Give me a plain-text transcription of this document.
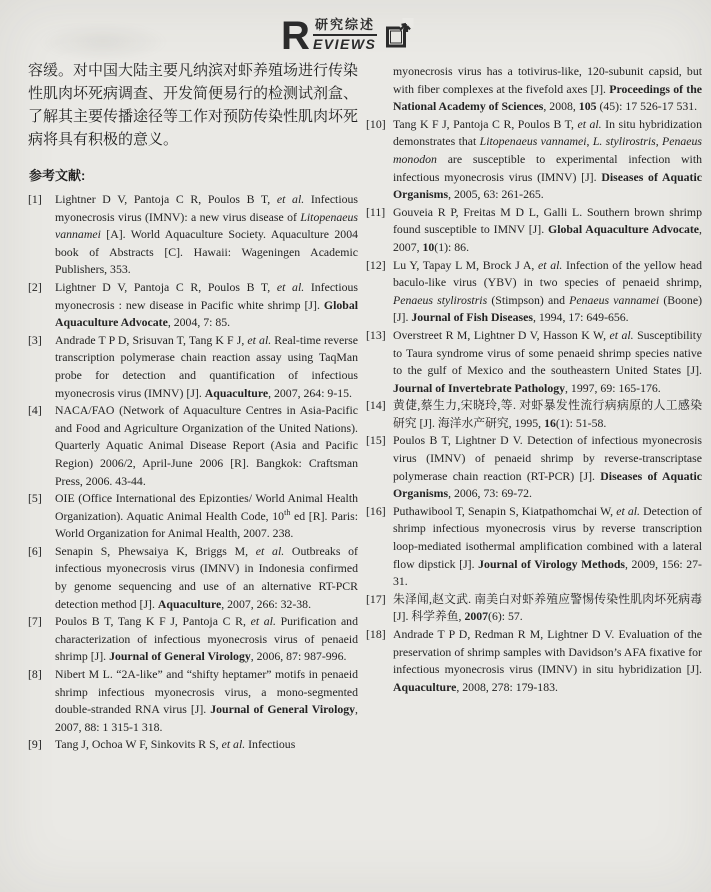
R 研究综述
EVIEWS

容缓。对中国大陆主要凡纳滨对虾养殖场进行传染性肌肉坏死病调查、开发简便易行的检测试剂盒、了解其主要传播途径等工作对预防传染性肌肉坏死病将具有积极的意义。

参考文献:
[1]	Lightner D V, Pantoja C R, Poulos B T, et al. Infectious myonecrosis virus (IMNV): a new virus disease of Litopenaeus vannamei [A]. World Aquaculture Society. Aquaculture 2004 book of Abstracts [C]. Hawaii: Wageningen Academic Publishers, 353.
[2]	Lightner D V, Pantoja C R, Poulos B T, et al. Infectious myonecrosis : new disease in Pacific white shrimp [J]. Global Aquaculture Advocate, 2004, 7: 85.
[3]	Andrade T P D, Srisuvan T, Tang K F J, et al. Real-time reverse transcription polymerase chain reaction assay using TaqMan probe for detection and quantification of infectious myonecrosis virus (IMNV) [J]. Aquaculture, 2007, 264: 9-15.
[4]	NACA/FAO (Network of Aquaculture Centres in Asia-Pacific and Food and Agriculture Organization of the United Nations). Quarterly Aquatic Animal Disease Report (Asia and Pacific Region) 2006/2, April-June 2006 [R]. Bangkok: Craftsman Press, 2006. 43-44.
[5]	OIE (Office International des Epizonties/ World Animal Health Organization). Aquatic Animal Health Code, 10th ed [R]. Paris: World Organization for Animal Health, 2007. 238.
[6]	Senapin S, Phewsaiya K, Briggs M, et al. Outbreaks of infectious myonecrosis virus (IMNV) in Indonesia confirmed by genome sequencing and use of an alternative RT-PCR detection method [J]. Aquaculture, 2007, 266: 32-38.
[7]	Poulos B T, Tang K F J, Pantoja C R, et al. Purification and characterization of infectious myonecrosis virus of penaeid shrimp [J]. Journal of General Virology, 2006, 87: 987-996.
[8]	Nibert M L. “2A-like” and “shifty heptamer” motifs in penaeid shrimp infectious myonecrosis virus, a mono-segmented double-stranded RNA virus [J]. Journal of General Virology, 2007, 88: 1 315-1 318.
[9]	Tang J, Ochoa W F, Sinkovits R S, et al. Infectious
myonecrosis virus has a totivirus-like, 120-subunit capsid, but with fiber complexes at the fivefold axes [J]. Proceedings of the National Academy of Sciences, 2008, 105 (45): 17 526-17 531.
[10] Tang K F J, Pantoja C R, Poulos B T, et al. In situ hybridization demonstrates that Litopenaeus vannamei, L. stylirostris, Penaeus monodon are susceptible to experimental infection with infectious myonecrosis virus (IMNV) [J]. Diseases of Aquatic Organisms, 2005, 63: 261-265.
[11] Gouveia R P, Freitas M D L, Galli L. Southern brown shrimp found susceptible to IMNV [J]. Global Aquaculture Advocate, 2007, 10(1): 86.
[12] Lu Y, Tapay L M, Brock J A, et al. Infection of the yellow head baculo-like virus (YBV) in two species of penaeid shrimp, Penaeus stylirostris (Stimpson) and Penaeus vannamei (Boone) [J]. Journal of Fish Diseases, 1994, 17: 649-656.
[13] Overstreet R M, Lightner D V, Hasson K W, et al. Susceptibility to Taura syndrome virus of some penaeid shrimp species native to the gulf of Mexico and the southeastern United States [J]. Journal of Invertebrate Pathology, 1997, 69: 165-176.
[14] 黄倢,蔡生力,宋晓玲,等. 对虾暴发性流行病病原的人工感染研究 [J]. 海洋水产研究, 1995, 16(1): 51-58.
[15] Poulos B T, Lightner D V. Detection of infectious myonecrosis virus (IMNV) of penaeid shrimp by reverse-transcriptase polymerase chain reaction (RT-PCR) [J]. Diseases of Aquatic Organisms, 2006, 73: 69-72.
[16] Puthawibool T, Senapin S, Kiatpathomchai W, et al. Detection of shrimp infectious myonecrosis virus by reverse transcription loop-mediated isothermal amplification combined with a lateral flow dipstick [J]. Journal of Virology Methods, 2009, 156: 27-31.
[17] 朱泽闻,赵文武. 南美白对虾养殖应警惕传染性肌肉坏死病毒 [J]. 科学养鱼, 2007(6): 57.
[18] Andrade T P D, Redman R M, Lightner D V. Evaluation of the preservation of shrimp samples with Davidson’s AFA fixative for infectious myonecrosis virus (IMNV) in situ hybridization [J]. Aquaculture, 2008, 278: 179-183.
